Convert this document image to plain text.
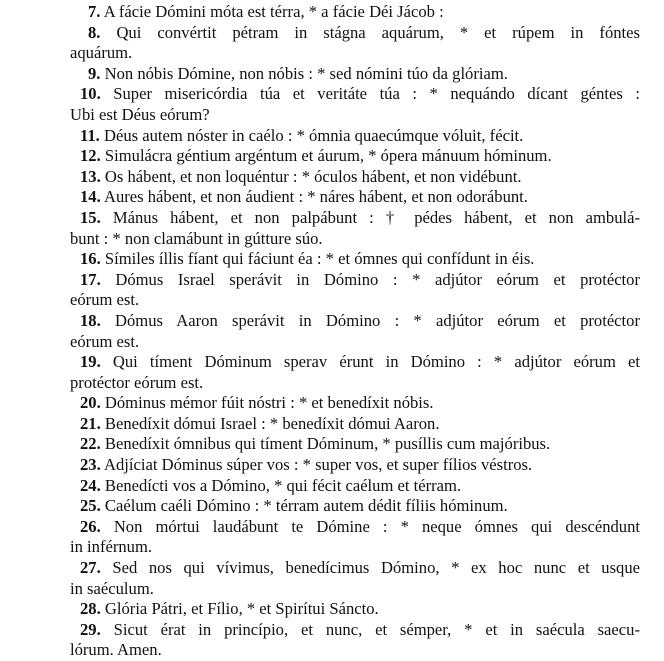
7. A fácie Dómini móta est térra, * a fácie Déi Jácob :
8. Qui convértit pétram in stágna aquárum, * et rúpem in fóntes
aquárum.
9. Non nóbis Dómine, non nóbis : * sed nómini túo da glóriam.
10. Super misericórdia túa et veritáte túa : * nequándo dícant géntes :
Ubi est Déus eórum?
11. Déus autem nóster in caélo : * ómnia quaecúmque vóluit, fécit.
12. Simulácra géntium argéntum et áurum, * ópera mánuum hóminum.
13. Os hábent, et non loquéntur : * óculos hábent, et non vidébunt.
14. Aures hábent, et non áudient : * náres hábent, et non odorábunt.
15. Mánus hábent, et non palpábunt : † pédes hábent, et non ambulá-
bunt : * non clamábunt in gútture súo.
16. Símiles íllis fíant qui fáciunt éa : * et ómnes qui confídunt in éis.
17. Dómus Israel sperávit in Dómino : * adjútor eórum et protéctor
eórum est.
18. Dómus Aaron sperávit in Dómino : * adjútor eórum et protéctor
eórum est.
19. Qui tíment Dóminum sperav érunt in Dómino : * adjútor eórum et
protéctor eórum est.
20. Dóminus mémor fúit nóstri : * et benedíxit nóbis.
21. Benedíxit dómui Israel : * benedíxit dómui Aaron.
22. Benedíxit ómnibus qui tíment Dóminum, * pusíllis cum majóribus.
23. Adjíciat Dóminus súper vos : * super vos, et super fílios véstros.
24. Benedícti vos a Dómino, * qui fécit caélum et térram.
25. Caélum caéli Dómino : * térram autem dédit fíliis hóminum.
26. Non mórtui laudábunt te Dómine : * neque ómnes qui descéndunt
in inférnum.
27. Sed nos qui vívimus, benedícimus Dómino, * ex hoc nunc et usque
in saéculum.
28. Glória Pátri, et Fílio, * et Spirítui Sáncto.
29. Sicut érat in princípio, et nunc, et sémper, * et in saécula saecu-
lórum. Amen.
